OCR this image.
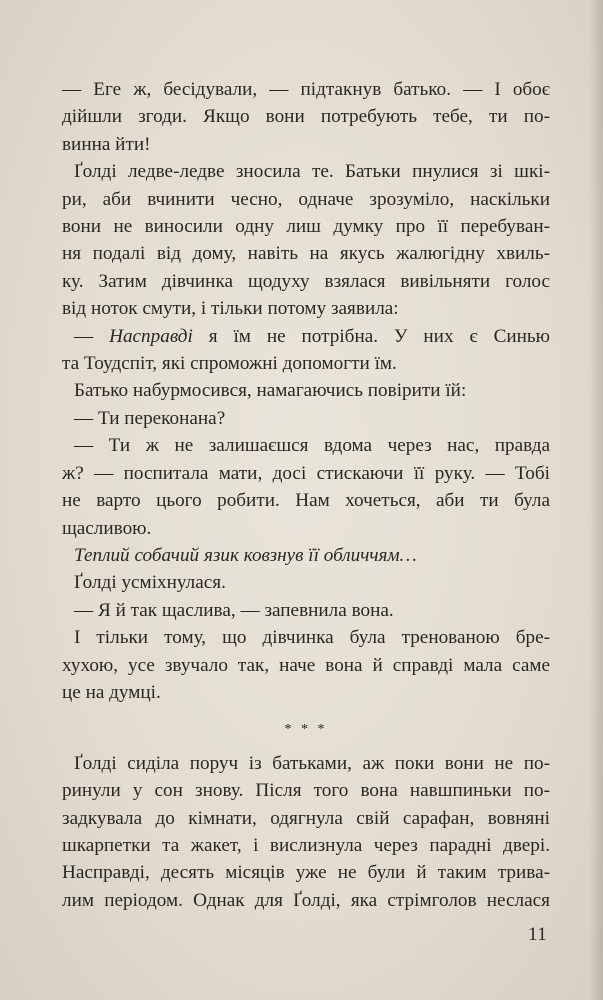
— Еге ж, бесідували, — підтакнув батько. — І обоє
дійшли згоди. Якщо вони потребують тебе, ти по-
винна йти!
Ґолді ледве-ледве зносила те. Батьки пнулися зі шкі-
ри, аби вчинити чесно, одначе зрозуміло, наскільки
вони не виносили одну лиш думку про її перебуван-
ня подалі від дому, навіть на якусь жалюгідну хвиль-
ку. Затим дівчинка щодуху взялася вивільняти голос
від ноток смути, і тільки потому заявила:
— Насправді я їм не потрібна. У них є Синью
та Тоудспіт, які спроможні допомогти їм.
Батько набурмосився, намагаючись повірити їй:
— Ти переконана?
— Ти ж не залишаєшся вдома через нас, правда
ж? — поспитала мати, досі стискаючи її руку. — Тобі
не варто цього робити. Нам хочеться, аби ти була
щасливою.
Теплий собачий язик ковзнув її обличчям…
Ґолді усміхнулася.
— Я й так щаслива, — запевнила вона.
І тільки тому, що дівчинка була тренованою бре-
хухою, усе звучало так, наче вона й справді мала саме
це на думці.
* * *
Ґолді сиділа поруч із батьками, аж поки вони не по-
ринули у сон знову. Після того вона навшпиньки по-
задкувала до кімнати, одягнула свій сарафан, вовняні
шкарпетки та жакет, і вислизнула через парадні двері.
Насправді, десять місяців уже не були й таким трива-
лим періодом. Однак для Ґолді, яка стрімголов неслася
11
